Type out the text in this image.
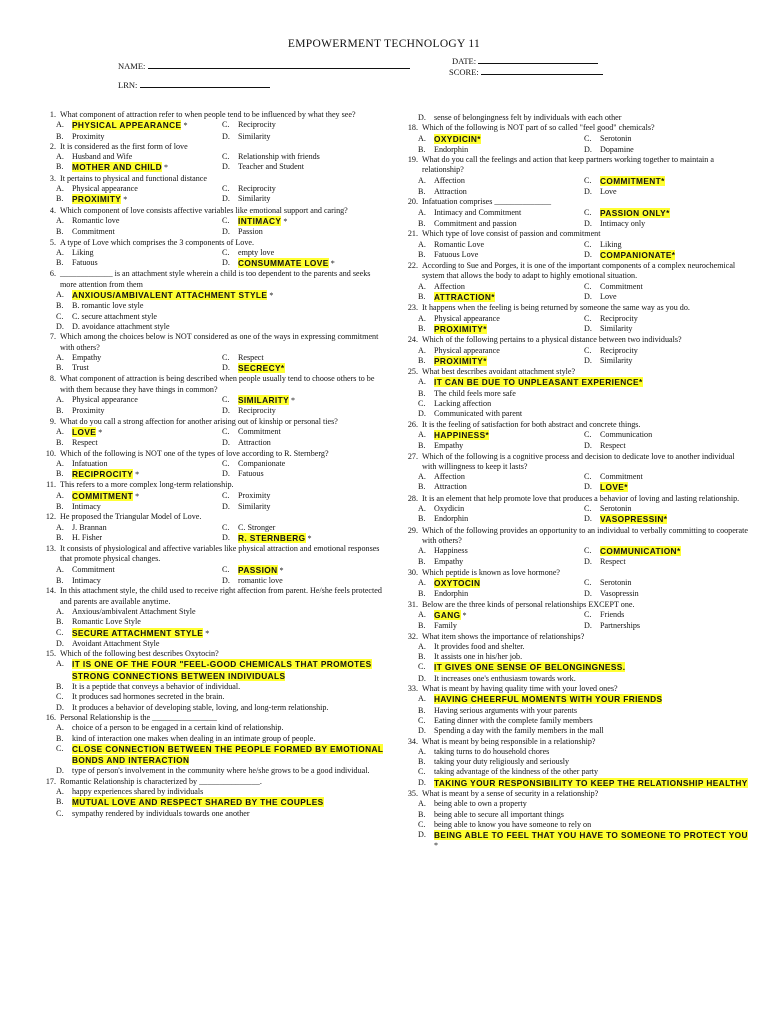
EMPOWERMENT TECHNOLOGY 11
NAME:
LRN:
DATE:
SCORE:
1. What component of attraction refer to when people tend to be influenced by what they see?
A. PHYSICAL APPEARANCE *	C.	Reciprocity
B.	Proximity	D.	Similarity
2. It is considered as the first form of love
A.	Husband and Wife	C.	Relationship with friends
B.	MOTHER AND CHILD *	D.	Teacher and Student
3. It pertains to physical and functional distance
A.	Physical appearance	C.	Reciprocity
B.	PROXIMITY *	D.	Similarity
4. Which component of love consists affective variables like emotional support and caring?
A.	Romantic love	C.	INTIMACY *
B.	Commitment	D.	Passion
5. A type of Love which comprises the 3 components of Love.
A.	Liking	C.	empty love
B.	Fatuous	D. CONSUMMATE LOVE *
6. _____________ is an attachment style wherein a child is too dependent to the parents and seeks more attention from them
A. ANXIOUS/AMBIVALENT ATTACHMENT STYLE *
B.	B. romantic love style
C.	C. secure attachment style
D.	D. avoidance attachment style
7. Which among the choices below is NOT considered as one of the ways in expressing commitment with others?
A.	Empathy	C.	Respect
B.	Trust	D. SECRECY*
8. What component of attraction is being described when people usually tend to choose others to be with them because they have things in common?
A.	Physical appearance	C.	SIMILARITY *
B.	Proximity	D.	Reciprocity
9. What do you call a strong affection for another arising out of kinship or personal ties?
A. LOVE *	C.	Commitment
B.	Respect	D.	Attraction
10. Which of the following is NOT one of the types of love according to R. Sternberg?
A.	Infatuation	C.	Companionate
B.	RECIPROCITY *	D.	Fatuous
11. This refers to a more complex long-term relationship.
A. COMMITMENT *	C.	Proximity
B.	Intimacy	D.	Similarity
12. He proposed the Triangular Model of Love.
A.	J. Brannan	C.	C. Stronger
B.	H. Fisher	D. R. STERNBERG *
13. It consists of physiological and affective variables like physical attraction and emotional responses that promote physical changes.
A.	Commitment	C.	PASSION *
B.	Intimacy	D.	romantic love
14. In this attachment style, the child used to receive right affection from parent. He/she feels protected and parents are available anytime.
A.	Anxious/ambivalent Attachment Style
B.	Romantic Love Style
C.	SECURE ATTACHMENT STYLE *
D.	Avoidant Attachment Style
15. Which of the following best describes Oxytocin?
A. IT IS ONE OF THE FOUR "FEEL-GOOD CHEMICALS THAT PROMOTES STRONG CONNECTIONS BETWEEN INDIVIDUALS
B.	It is a peptide that conveys a behavior of individual.
C.	It produces sad hormones secreted in the brain.
D.	It produces a behavior of developing stable, loving, and long-term relationship.
16. Personal Relationship is the ________________
A.	choice of a person to be engaged in a certain kind of relationship.
B.	kind of interaction one makes when dealing in an intimate group of people.
C.	CLOSE CONNECTION BETWEEN THE PEOPLE FORMED BY EMOTIONAL BONDS AND INTERACTION
D.	type of person's involvement in the community where he/she grows to be a good individual.
17. Romantic Relationship is characterized by _______________.
A.	happy experiences shared by individuals
B.	MUTUAL LOVE AND RESPECT SHARED BY THE COUPLES
C.	sympathy rendered by individuals towards one another
D.	sense of belongingness felt by individuals with each other
18. Which of the following is NOT part of so called "feel good" chemicals?
A. OXYDICIN*	C.	Serotonin
B.	Endorphin	D.	Dopamine
19. What do you call the feelings and action that keep partners working together to maintain a relationship?
A.	Affection	C.	COMMITMENT*
B.	Attraction	D.	Love
20. Infatuation comprises ______________
A.	Intimacy and Commitment	C.	PASSION ONLY*
B.	Commitment and passion	D.	Intimacy only
21. Which type of love consist of passion and commitment
A.	Romantic Love	C.	Liking
B.	Fatuous Love	D. COMPANIONATE*
22. According to Sue and Porges, it is one of the important components of a complex neurochemical system that allows the body to adapt to highly emotional situation.
A.	Affection	C.	Commitment
B.	ATTRACTION*	D.	Love
23. It happens when the feeling is being returned by someone the same way as you do.
A.	Physical appearance	C.	Reciprocity
B.	PROXIMITY*	D.	Similarity
24. Which of the following pertains to a physical distance between two individuals?
A.	Physical appearance	C.	Reciprocity
B.	PROXIMITY*	D.	Similarity
25. What best describes avoidant attachment style?
A. IT CAN BE DUE TO UNPLEASANT EXPERIENCE*
B.	The child feels more safe
C.	Lacking affection
D.	Communicated with parent
26. It is the feeling of satisfaction for both abstract and concrete things.
A. HAPPINESS*	C.	Communication
B.	Empathy	D.	Respect
27. Which of the following is a cognitive process and decision to dedicate love to another individual with willingness to keep it lasts?
A.	Affection	C.	Commitment
B.	Attraction	D. LOVE*
28. It is an element that help promote love that produces a behavior of loving and lasting relationship.
A.	Oxydicin	C.	Serotonin
B.	Endorphin	D. VASOPRESSIN*
29. Which of the following provides an opportunity to an individual to verbally committing to cooperate with others?
A.	Happiness	C.	COMMUNICATION*
B.	Empathy	D.	Respect
30. Which peptide is known as love hormone?
A. OXYTOCIN	C.	Serotonin
B.	Endorphin	D.	Vasopressin
31. Below are the three kinds of personal relationships EXCEPT one.
A. GANG *	C.	Friends
B.	Family	D.	Partnerships
32. What item shows the importance of relationships?
A.	It provides food and shelter.
B.	It assists one in his/her job.
C.	IT GIVES ONE SENSE OF BELONGINGNESS.
D.	It increases one's enthusiasm towards work.
33. What is meant by having quality time with your loved ones?
A. HAVING CHEERFUL MOMENTS WITH YOUR FRIENDS
B.	Having serious arguments with your parents
C.	Eating dinner with the complete family members
D.	Spending a day with the family members in the mall
34. What is meant by being responsible in a relationship?
A.	taking turns to do household chores
B.	taking your duty religiously and seriously
C.	taking advantage of the kindness of the other party
D. TAKING YOUR RESPONSIBILITY TO KEEP THE RELATIONSHIP HEALTHY
35. What is meant by a sense of security in a relationship?
A.	being able to own a property
B.	being able to secure all important things
C.	being able to know you have someone to rely on
D. BEING ABLE TO FEEL THAT YOU HAVE TO SOMEONE TO PROTECT YOU *
